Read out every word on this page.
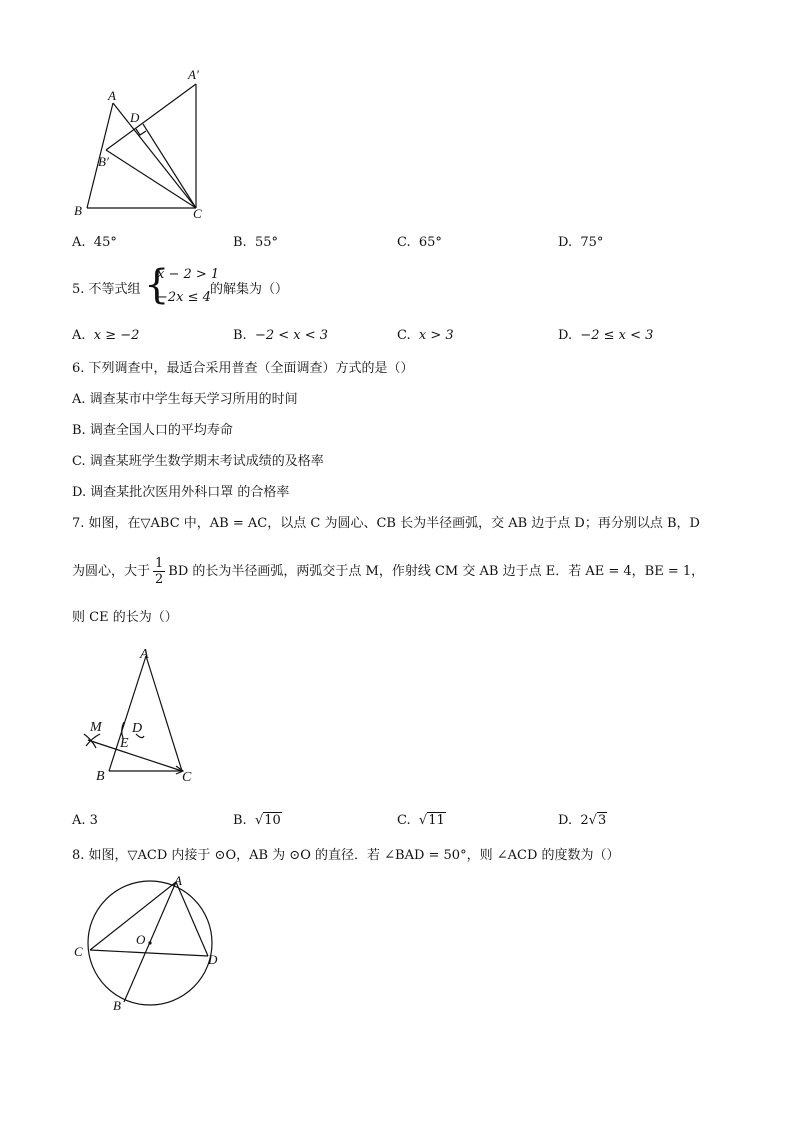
A
A′
D
B′
B	C
A. 45°	B. 55°	C. 65°	D. 75°
5. 不等式组 {
x − 2 > 1
−2x ≤ 4
的解集为（）
A. x ≥ −2	B. −2 < x < 3	C. x > 3	D. −2 ≤ x < 3
6. 下列调查中，最适合采用普查（全面调查）方式的是（）
A. 调查某市中学生每天学习所用的时间
B. 调查全国人口的平均寿命
C. 调查某班学生数学期末考试成绩的及格率
D. 调查某批次医用外科口罩 的合格率
7. 如图，在▽ABC 中，AB = AC，以点 C 为圆心、CB 长为半径画弧，交 AB 边于点 D；再分别以点 B，D
为圆心，大于 $\frac{1}{2}$ BD 的长为半径画弧，两弧交于点 M，作射线 CM 交 AB 边于点 E．若 AE = 4，BE = 1，
则 CE 的长为（）
A
M D
E
B	C
A. 3	B. √10	C. √11	D. 2√3
8. 如图，▽ACD 内接于 ⊙O，AB 为 ⊙O 的直径．若 ∠BAD = 50°，则 ∠ACD 的度数为（）
A
C
O
D
B
